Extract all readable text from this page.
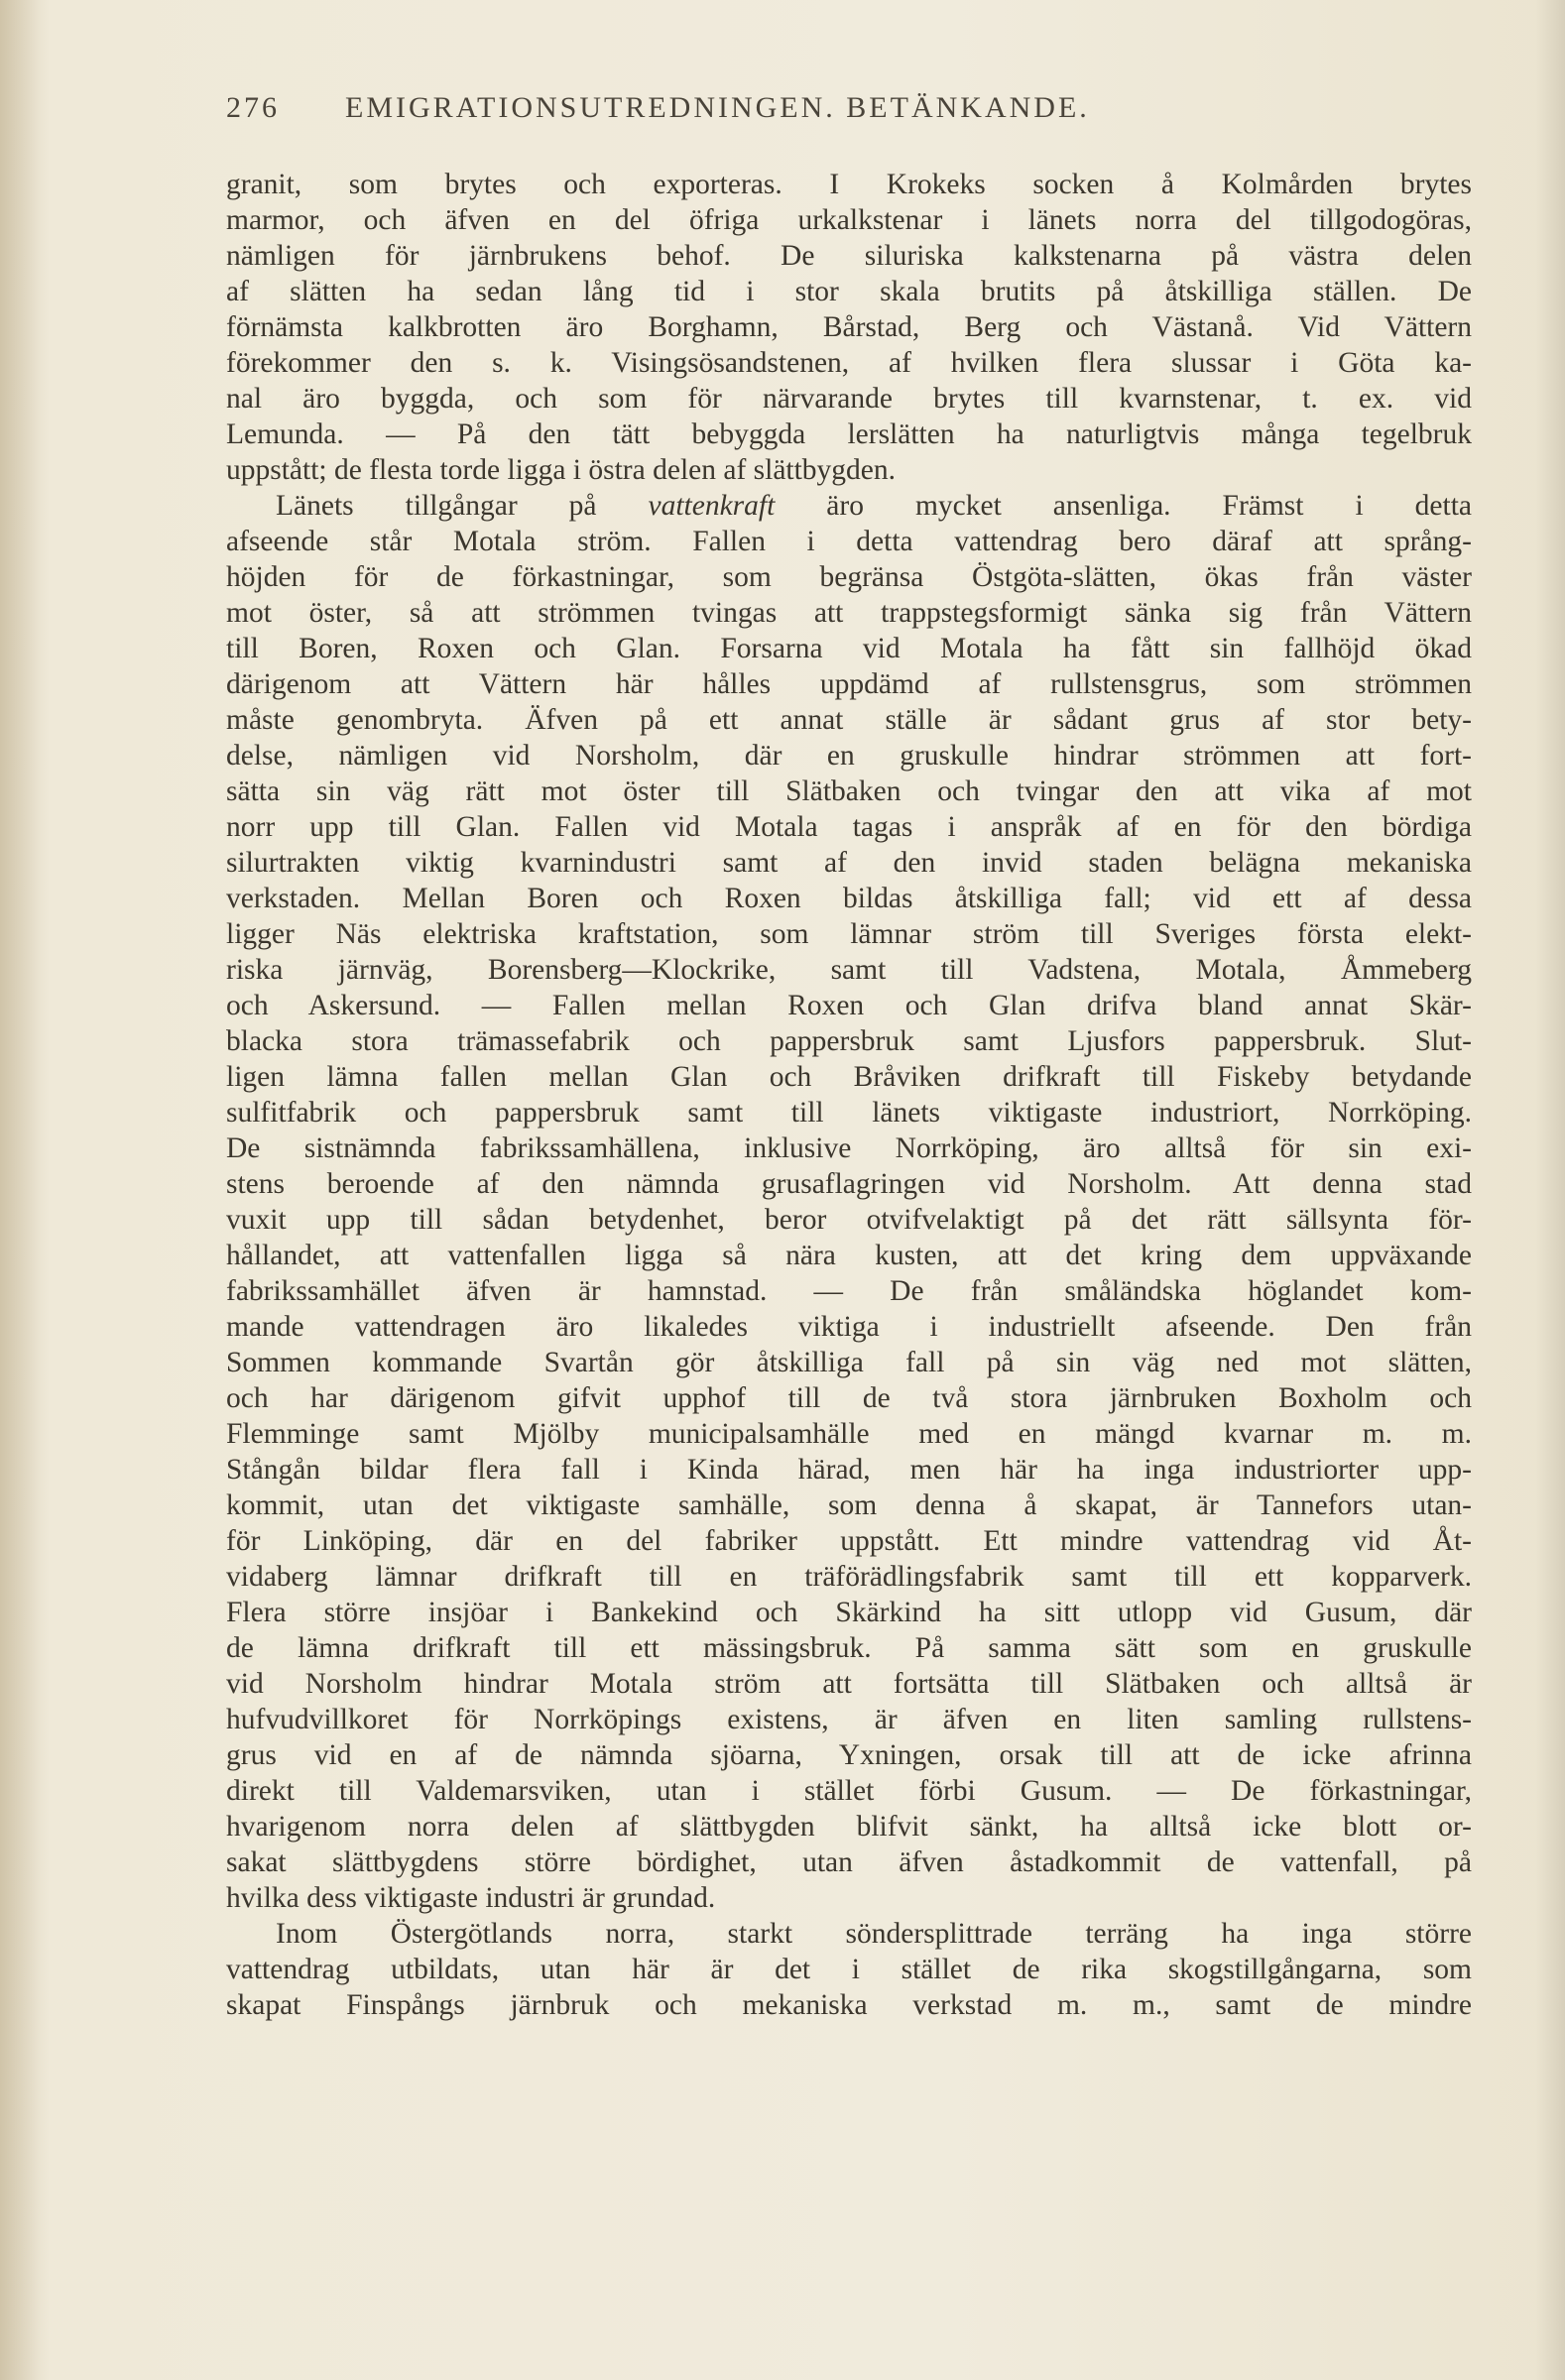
276 EMIGRATIONSUTREDNINGEN. BETÄNKANDE.
granit, som brytes och exporteras. I Krokeks socken å Kolmården brytes
marmor, och äfven en del öfriga urkalkstenar i länets norra del tillgodogöras,
nämligen för järnbrukens behof. De siluriska kalkstenarna på västra delen
af slätten ha sedan lång tid i stor skala brutits på åtskilliga ställen. De
förnämsta kalkbrotten äro Borghamn, Bårstad, Berg och Västanå. Vid Vättern
förekommer den s. k. Visingsösandstenen, af hvilken flera slussar i Göta ka-
nal äro byggda, och som för närvarande brytes till kvarnstenar, t. ex. vid
Lemunda. — På den tätt bebyggda lerslätten ha naturligtvis många tegelbruk
uppstått; de flesta torde ligga i östra delen af slättbygden.
Länets tillgångar på vattenkraft äro mycket ansenliga. Främst i detta
afseende står Motala ström. Fallen i detta vattendrag bero däraf att språng-
höjden för de förkastningar, som begränsa Östgöta-slätten, ökas från väster
mot öster, så att strömmen tvingas att trappstegsformigt sänka sig från Vättern
till Boren, Roxen och Glan. Forsarna vid Motala ha fått sin fallhöjd ökad
därigenom att Vättern här hålles uppdämd af rullstensgrus, som strömmen
måste genombryta. Äfven på ett annat ställe är sådant grus af stor bety-
delse, nämligen vid Norsholm, där en gruskulle hindrar strömmen att fort-
sätta sin väg rätt mot öster till Slätbaken och tvingar den att vika af mot
norr upp till Glan. Fallen vid Motala tagas i anspråk af en för den bördiga
silurtrakten viktig kvarnindustri samt af den invid staden belägna mekaniska
verkstaden. Mellan Boren och Roxen bildas åtskilliga fall; vid ett af dessa
ligger Näs elektriska kraftstation, som lämnar ström till Sveriges första elekt-
riska järnväg, Borensberg—Klockrike, samt till Vadstena, Motala, Åmmeberg
och Askersund. — Fallen mellan Roxen och Glan drifva bland annat Skär-
blacka stora trämassefabrik och pappersbruk samt Ljusfors pappersbruk. Slut-
ligen lämna fallen mellan Glan och Bråviken drifkraft till Fiskeby betydande
sulfitfabrik och pappersbruk samt till länets viktigaste industriort, Norrköping.
De sistnämnda fabrikssamhällena, inklusive Norrköping, äro alltså för sin exi-
stens beroende af den nämnda grusaflagringen vid Norsholm. Att denna stad
vuxit upp till sådan betydenhet, beror otvifvelaktigt på det rätt sällsynta för-
hållandet, att vattenfallen ligga så nära kusten, att det kring dem uppväxande
fabrikssamhället äfven är hamnstad. — De från småländska höglandet kom-
mande vattendragen äro likaledes viktiga i industriellt afseende. Den från
Sommen kommande Svartån gör åtskilliga fall på sin väg ned mot slätten,
och har därigenom gifvit upphof till de två stora järnbruken Boxholm och
Flemminge samt Mjölby municipalsamhälle med en mängd kvarnar m. m.
Stångån bildar flera fall i Kinda härad, men här ha inga industriorter upp-
kommit, utan det viktigaste samhälle, som denna å skapat, är Tannefors utan-
för Linköping, där en del fabriker uppstått. Ett mindre vattendrag vid Åt-
vidaberg lämnar drifkraft till en träförädlingsfabrik samt till ett kopparverk.
Flera större insjöar i Bankekind och Skärkind ha sitt utlopp vid Gusum, där
de lämna drifkraft till ett mässingsbruk. På samma sätt som en gruskulle
vid Norsholm hindrar Motala ström att fortsätta till Slätbaken och alltså är
hufvudvillkoret för Norrköpings existens, är äfven en liten samling rullstens-
grus vid en af de nämnda sjöarna, Yxningen, orsak till att de icke afrinna
direkt till Valdemarsviken, utan i stället förbi Gusum. — De förkastningar,
hvarigenom norra delen af slättbygden blifvit sänkt, ha alltså icke blott or-
sakat slättbygdens större bördighet, utan äfven åstadkommit de vattenfall, på
hvilka dess viktigaste industri är grundad.
Inom Östergötlands norra, starkt söndersplittrade terräng ha inga större
vattendrag utbildats, utan här är det i stället de rika skogstillgångarna, som
skapat Finspångs järnbruk och mekaniska verkstad m. m., samt de mindre
